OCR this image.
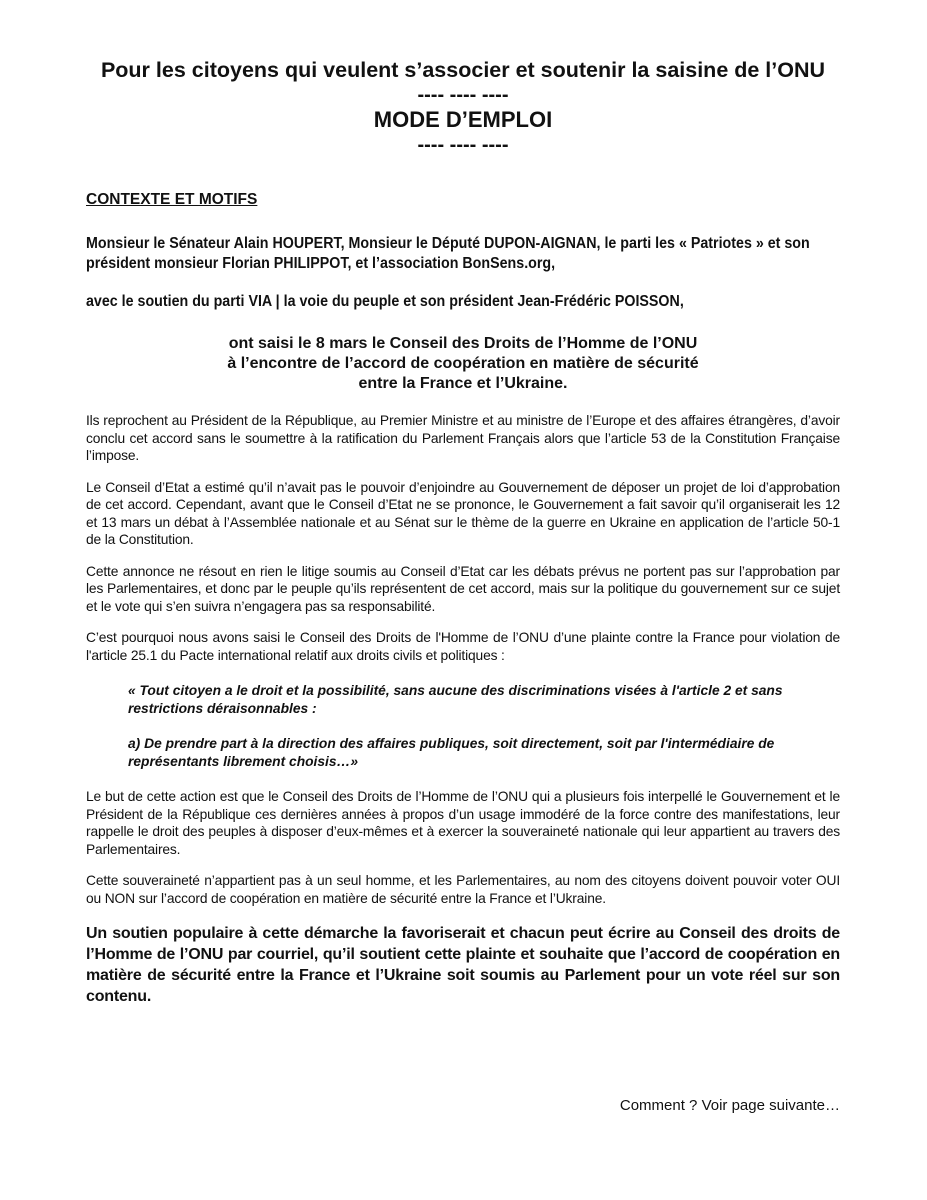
Pour les citoyens qui veulent s’associer et soutenir la saisine de l’ONU

---- ---- ----

MODE D’EMPLOI

---- ---- ----

CONTEXTE ET MOTIFS

Monsieur le Sénateur Alain HOUPERT, Monsieur le Député DUPON-AIGNAN, le parti les « Patriotes » et son président monsieur Florian PHILIPPOT, et l’association BonSens.org,

avec le soutien du parti VIA | la voie du peuple et son président Jean-Frédéric POISSON,

ont saisi le 8 mars le Conseil des Droits de l’Homme de l’ONU
à l’encontre de l’accord de coopération en matière de sécurité
entre la France et l’Ukraine.

Ils reprochent au Président de la République, au Premier Ministre et au ministre de l’Europe et des affaires étrangères, d’avoir conclu cet accord sans le soumettre à la ratification du Parlement Français alors que l’article 53 de la Constitution Française l’impose.

Le Conseil d’Etat a estimé qu’il n’avait pas le pouvoir d’enjoindre au Gouvernement de déposer un projet de loi d’approbation de cet accord. Cependant, avant que le Conseil d’Etat ne se prononce, le Gouvernement a fait savoir qu’il organiserait les 12 et 13 mars un débat à l’Assemblée nationale et au Sénat sur le thème de la guerre en Ukraine en application de l’article 50-1 de la Constitution.

Cette annonce ne résout en rien le litige soumis au Conseil d’Etat car les débats prévus ne portent pas sur l’approbation par les Parlementaires, et donc par le peuple qu’ils représentent de cet accord, mais sur la politique du gouvernement sur ce sujet et le vote qui s’en suivra n’engagera pas sa responsabilité.

C’est pourquoi nous avons saisi le Conseil des Droits de l'Homme de l’ONU d’une plainte contre la France pour violation de l'article 25.1 du Pacte international relatif aux droits civils et politiques :

« Tout citoyen a le droit et la possibilité, sans aucune des discriminations visées à l'article 2 et sans restrictions déraisonnables :

a) De prendre part à la direction des affaires publiques, soit directement, soit par l'intermédiaire de représentants librement choisis…»

Le but de cette action est que le Conseil des Droits de l’Homme de l’ONU qui a plusieurs fois interpellé le Gouvernement et le Président de la République ces dernières années à propos d’un usage immodéré de la force contre des manifestations, leur rappelle le droit des peuples à disposer d’eux-mêmes et à exercer la souveraineté nationale qui leur appartient au travers des Parlementaires.

Cette souveraineté n’appartient pas à un seul homme, et les Parlementaires, au nom des citoyens doivent pouvoir voter OUI ou NON sur l’accord de coopération en matière de sécurité entre la France et l’Ukraine.

Un soutien populaire à cette démarche la favoriserait et chacun peut écrire au Conseil des droits de l’Homme de l’ONU par courriel, qu’il soutient cette plainte et souhaite que l’accord de coopération en matière de sécurité entre la France et l’Ukraine soit soumis au Parlement pour un vote réel sur son contenu.

Comment ? Voir page suivante…
